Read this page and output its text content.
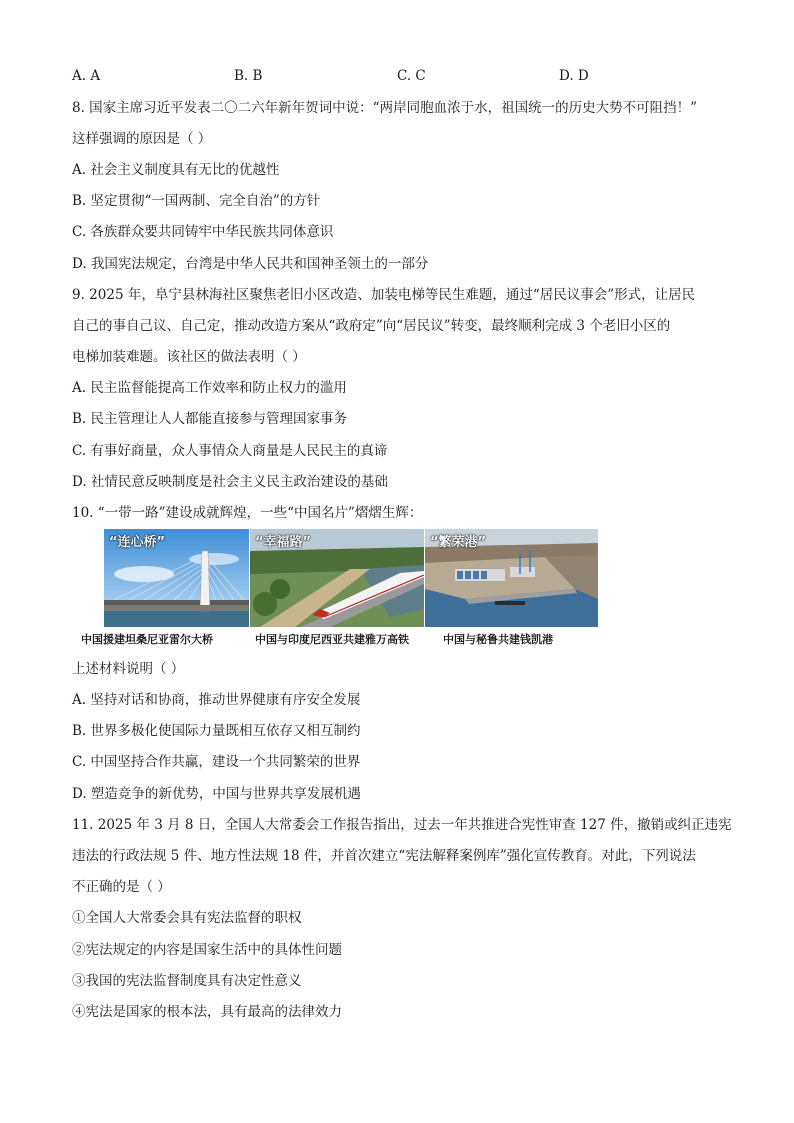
A. A	B. B	C. C	D. D
8. 国家主席习近平发表二〇二六年新年贺词中说：“两岸同胞血浓于水，祖国统一的历史大势不可阻挡！”
这样强调的原因是（ ）
A. 社会主义制度具有无比的优越性
B. 坚定贯彻“一国两制、完全自治”的方针
C. 各族群众要共同铸牢中华民族共同体意识
D. 我国宪法规定，台湾是中华人民共和国神圣领土的一部分
9. 2025 年，阜宁县林海社区聚焦老旧小区改造、加装电梯等民生难题，通过“居民议事会”形式，让居民
自己的事自己议、自己定，推动改造方案从“政府定”向“居民议”转变，最终顺利完成 3 个老旧小区的
电梯加装难题。该社区的做法表明（ ）
A. 民主监督能提高工作效率和防止权力的滥用
B. 民主管理让人人都能直接参与管理国家事务
C. 有事好商量，众人事情众人商量是人民民主的真谛
D. 社情民意反映制度是社会主义民主政治建设的基础
10. “一带一路”建设成就辉煌，一些“中国名片”熠熠生辉：
“连心桥”	“幸福路”	“繁荣港”
中国援建坦桑尼亚雷尔大桥	中国与印度尼西亚共建雅万高铁	中国与秘鲁共建钱凯港
上述材料说明（ ）
A. 坚持对话和协商，推动世界健康有序安全发展
B. 世界多极化使国际力量既相互依存又相互制约
C. 中国坚持合作共赢，建设一个共同繁荣的世界
D. 塑造竞争的新优势，中国与世界共享发展机遇
11. 2025 年 3 月 8 日，全国人大常委会工作报告指出，过去一年共推进合宪性审查 127 件，撤销或纠正违宪
违法的行政法规 5 件、地方性法规 18 件，并首次建立“宪法解释案例库”强化宣传教育。对此，下列说法
不正确的是（ ）
①全国人大常委会具有宪法监督的职权
②宪法规定的内容是国家生活中的具体性问题
③我国的宪法监督制度具有决定性意义
④宪法是国家的根本法，具有最高的法律效力
